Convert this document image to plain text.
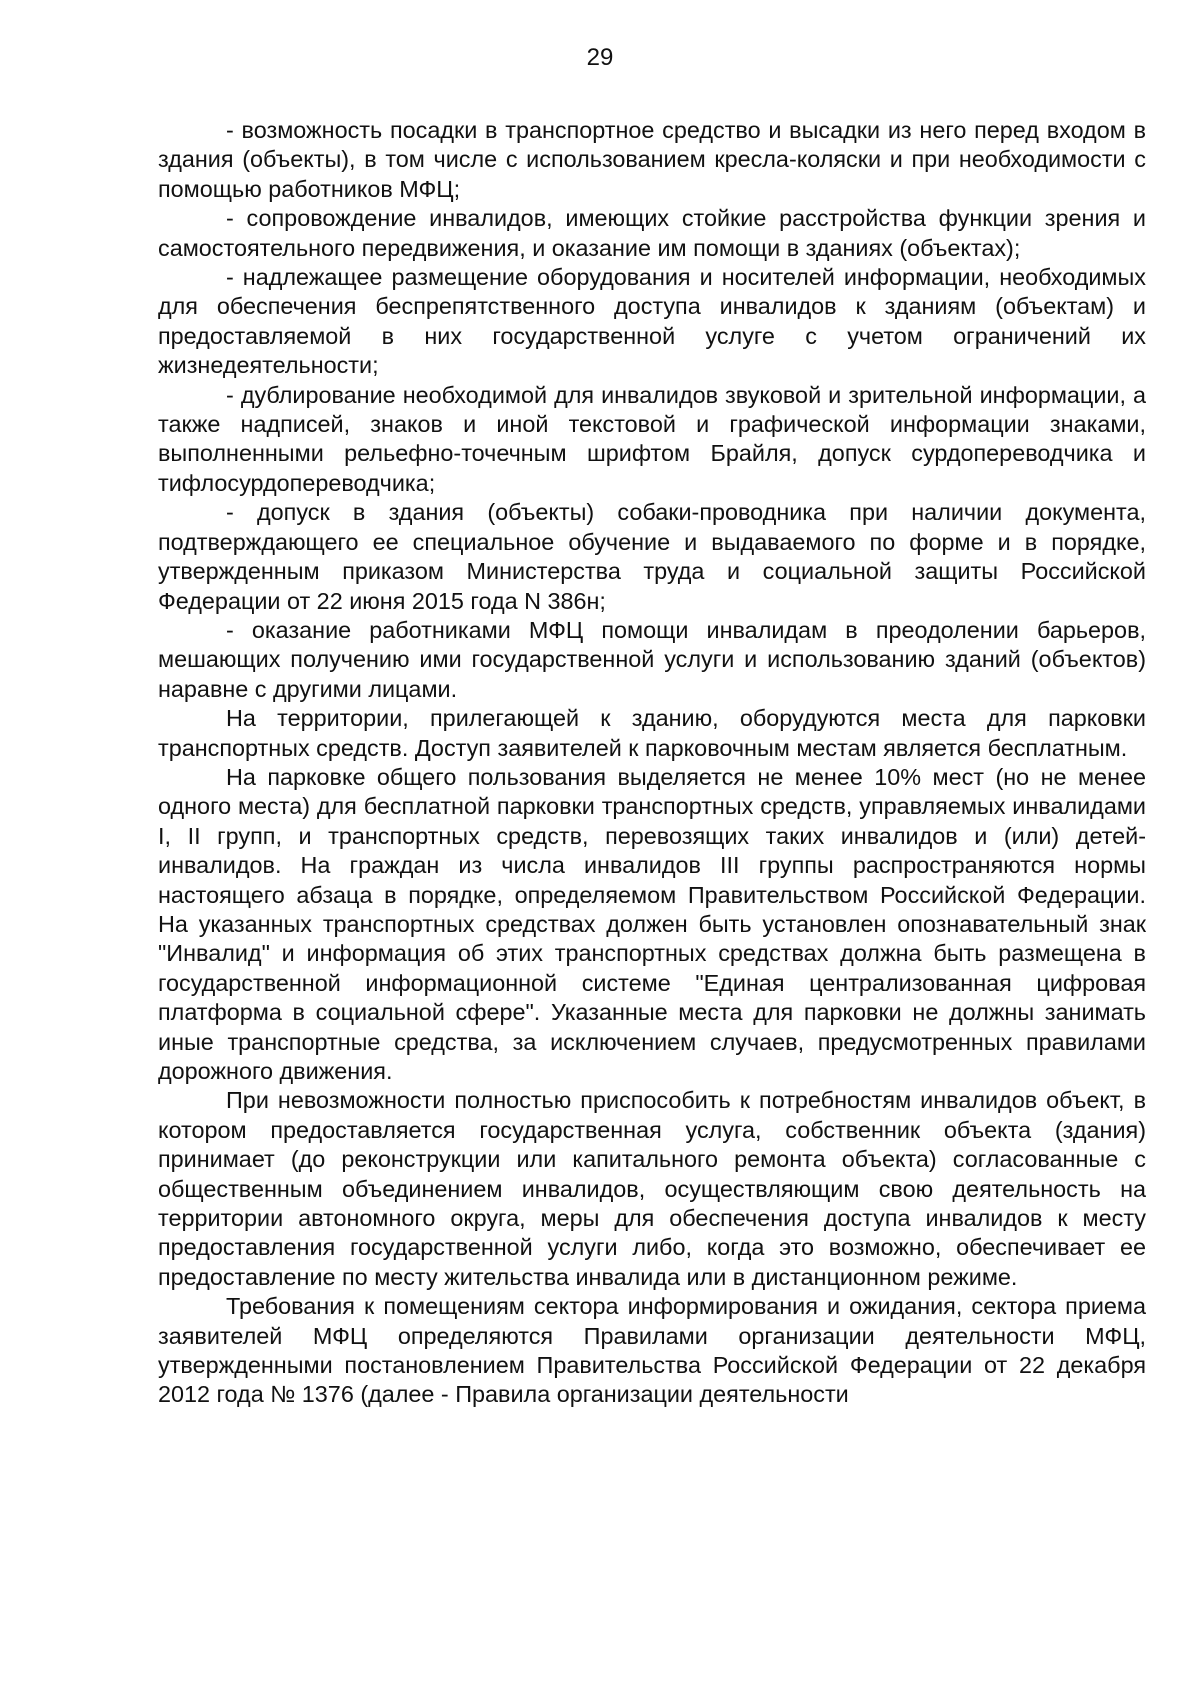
29

- возможность посадки в транспортное средство и высадки из него перед входом в здания (объекты), в том числе с использованием кресла-коляски и при необходимости с помощью работников МФЦ;

- сопровождение инвалидов, имеющих стойкие расстройства функции зрения и самостоятельного передвижения, и оказание им помощи в зданиях (объектах);

- надлежащее размещение оборудования и носителей информации, необходимых для обеспечения беспрепятственного доступа инвалидов к зданиям (объектам) и предоставляемой в них государственной услуге с учетом ограничений их жизнедеятельности;

- дублирование необходимой для инвалидов звуковой и зрительной информации, а также надписей, знаков и иной текстовой и графической информации знаками, выполненными рельефно-точечным шрифтом Брайля, допуск сурдопереводчика и тифлосурдопереводчика;

- допуск в здания (объекты) собаки-проводника при наличии документа, подтверждающего ее специальное обучение и выдаваемого по форме и в порядке, утвержденным приказом Министерства труда и социальной защиты Российской Федерации от 22 июня 2015 года N 386н;

- оказание работниками МФЦ помощи инвалидам в преодолении барьеров, мешающих получению ими государственной услуги и использованию зданий (объектов) наравне с другими лицами.

На территории, прилегающей к зданию, оборудуются места для парковки транспортных средств. Доступ заявителей к парковочным местам является бесплатным.

На парковке общего пользования выделяется не менее 10% мест (но не менее одного места) для бесплатной парковки транспортных средств, управляемых инвалидами I, II групп, и транспортных средств, перевозящих таких инвалидов и (или) детей-инвалидов. На граждан из числа инвалидов III группы распространяются нормы настоящего абзаца в порядке, определяемом Правительством Российской Федерации. На указанных транспортных средствах должен быть установлен опознавательный знак "Инвалид" и информация об этих транспортных средствах должна быть размещена в государственной информационной системе "Единая централизованная цифровая платформа в социальной сфере". Указанные места для парковки не должны занимать иные транспортные средства, за исключением случаев, предусмотренных правилами дорожного движения.

При невозможности полностью приспособить к потребностям инвалидов объект, в котором предоставляется государственная услуга, собственник объекта (здания) принимает (до реконструкции или капитального ремонта объекта) согласованные с общественным объединением инвалидов, осуществляющим свою деятельность на территории автономного округа, меры для обеспечения доступа инвалидов к месту предоставления государственной услуги либо, когда это возможно, обеспечивает ее предоставление по месту жительства инвалида или в дистанционном режиме.

Требования к помещениям сектора информирования и ожидания, сектора приема заявителей МФЦ определяются Правилами организации деятельности МФЦ, утвержденными постановлением Правительства Российской Федерации от 22 декабря 2012 года № 1376 (далее - Правила организации деятельности
